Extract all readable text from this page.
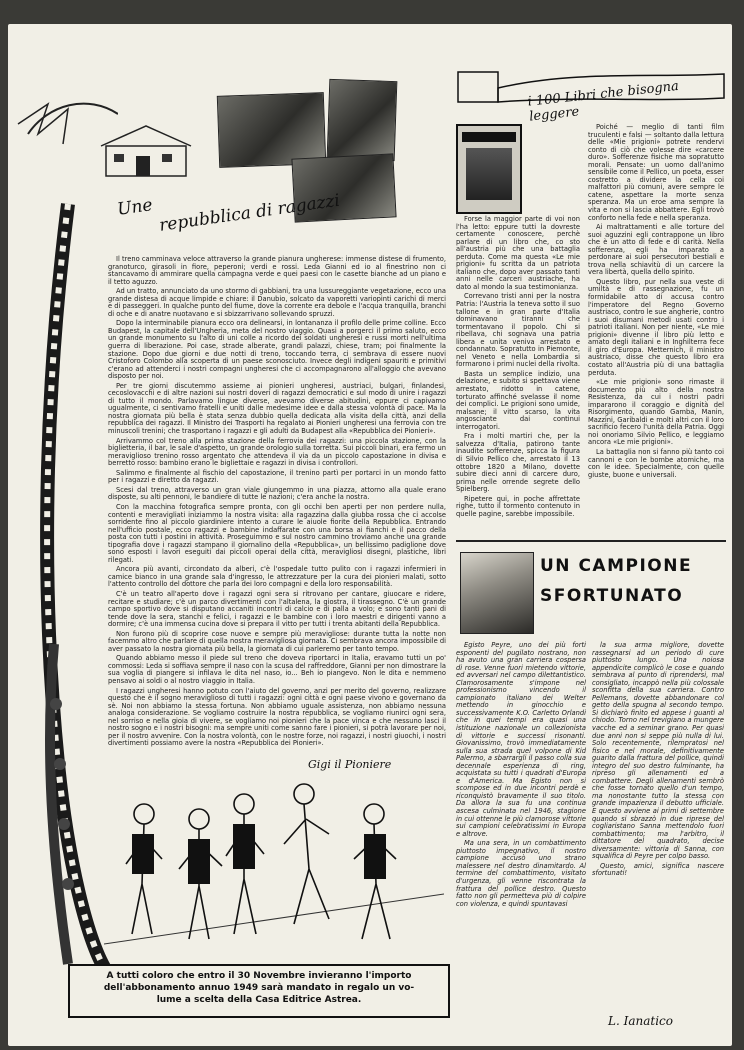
Une repubblica di ragazzi

Il treno camminava veloce attraverso la grande pianura ungherese: immense distese di frumento, granoturco, girasoli in fiore, peperoni; verdi e rossi. Leda Gianni ed io al finestrino non ci stancavamo di ammirare quella campagna verde e quei paesi con le casette bianche ad un piano e il tetto aguzzo.

Ad un tratto, annunciato da uno stormo di gabbiani, tra una lussureggiante vegetazione, ecco una grande distesa di acque limpide e chiare: il Danubio, solcato da vaporetti variopinti carichi di merci e di passeggeri. In qualche punto del fiume, dove la corrente era debole e l'acqua tranquilla, branchi di oche e di anatre nuotavano e si sbizzarrivano sollevando spruzzi.

Dopo la interminabile pianura ecco ora delinearsi, in lontananza il profilo delle prime colline. Ecco Budapest, la capitale dell'Ungheria, meta del nostro viaggio. Quasi a porgerci il primo saluto, ecco un grande monumento su l'alto di uni colle a ricordo dei soldati ungheresi e russi morti nell'ultima guerra di liberazione. Poi case, strade alberate, grandi palazzi, chiese, tram; poi finalmente la stazione. Dopo due giorni e due notti di treno, toccando terra, ci sembrava di essere nuovi Cristoforo Colombo alla scoperta di un paese sconosciuto. Invece degli indigeni spauriti e primitivi c'erano ad attenderci i nostri compagni ungheresi che ci accompagnarono all'alloggio che avevano disposto per noi.

Per tre giorni discutemmo assieme ai pionieri ungheresi, austriaci, bulgari, finlandesi, cecoslovacchi e di altre nazioni sui nostri doveri di ragazzi democratici e sul modo di unire i ragazzi di tutto il mondo. Parlavamo lingue diverse, avevamo diverse abitudini, eppure ci capivamo ugualmente, ci sentivamo fratelli e uniti dalle medesime idee e dalla stessa volontà di pace. Ma la nostra giornata più bella è stata senza dubbio quella dedicata alla visita della città, anzi della repubblica dei ragazzi. Il Ministro dei Trasporti ha regalato ai Pionieri ungheresi una ferrovia con tre minuscoli trenini; che trasportano i ragazzi e gli adulti da Budapest alla «Repubblica dei Pionieri».

Arrivammo col treno alla prima stazione della ferrovia dei ragazzi: una piccola stazione, con la biglietteria, il bar, le sale d'aspetto, un grande orologio sulla torretta. Sui piccoli binari, era fermo un meraviglioso trenino rosso argentato che attendeva il via da un piccolo capostazione in divisa e berretto rosso: bambino erano le bigliettaie e ragazzi in divisa i controllori.

Salimmo e finalmente al fischio del capostazione, il trenino partì per portarci in un mondo fatto per i ragazzi e diretto da ragazzi.

Scesi dal treno, attraverso un gran viale giungemmo in una piazza, attorno alla quale erano disposte, su alti pennoni, le bandiere di tutte le nazioni; c'era anche la nostra.

Con la macchina fotografica sempre pronta, con gli occhi ben aperti per non perdere nulla, contenti e meravigliati iniziammo la nostra visita: alla ragazzina dalla giubba rossa che ci accolse sorridente fino al piccolo giardiniere intento a curare le aiuole fiorite della Repubblica. Entrando nell'ufficio postale, ecco ragazzi e bambine indaffarate con una borsa ai fianchi e il pacco della posta con tutti i postini in attività. Proseguimmo e sul nostro cammino troviamo anche una grande tipografia dove i ragazzi stampano il giornalino della «Repubblica», un bellissimo padiglione dove sono esposti i lavori eseguiti dai piccoli operai della città, meravigliosi disegni, plastiche, libri rilegati.

Ancora più avanti, circondato da alberi, c'è l'ospedale tutto pulito con i ragazzi infermieri in camice bianco in una grande sala d'ingresso, le attrezzature per la cura dei pionieri malati, sotto l'attento controllo del dottore che parla dei loro compagni e della loro responsabilità.

C'è un teatro all'aperto dove i ragazzi ogni sera si ritrovano per cantare, giuocare e ridere, recitare e studiare; c'è un parco divertimenti con l'altalena, la giostra, il tirassegno. C'è un grande campo sportivo dove si disputano accaniti incontri di calcio e di palla a volo; e sono tanti pani di tende dove la sera, stanchi e felici, i ragazzi e le bambine con i loro maestri e dirigenti vanno a dormire; c'è una immensa cucina dove si prepara il vitto per tutti i trenta abitanti della Repubblica.

Non furono più di scoprire cose nuove e sempre più meravigliose: durante tutta la notte non facemmo altro che parlare di quella nostra meravigliosa giornata. Ci sembrava ancora impossibile di aver passato la nostra giornata più bella, la giornata di cui parleremo per tanto tempo.

Quando abbiamo messo il piede sul treno che doveva riportarci in Italia, eravamo tutti un po' commossi: Leda si soffiava sempre il naso con la scusa del raffreddore, Gianni per non dimostrare la sua voglia di piangere si infilava le dita nel naso, io... Beh io piangevo. Non le dita e nemmeno pensavo ai soldi o al nostro viaggio in Italia.

I ragazzi ungheresi hanno potuto con l'aiuto del governo, anzi per merito del governo, realizzare questo che è il sogno meraviglioso di tutti i ragazzi: ogni città e ogni paese vivono e governano da sè. Noi non abbiamo la stessa fortuna. Non abbiamo uguale assistenza, non abbiamo nessuna analoga considerazione. Se vogliamo costruire la nostra repubblica, se vogliamo riunirci ogni sera, nel sorriso e nella gioia di vivere, se vogliamo noi pionieri che la pace vinca e che nessuno lasci il nostro sogno e i nostri bisogni: ma sempre uniti come sanno fare i pionieri, si potrà lavorare per noi, per il nostro avvenire. Con la nostra volontà, con le nostre forze, noi ragazzi, i nostri giuochi, i nostri divertimenti possiamo avere la nostra «Repubblica dei Pionieri».

Gigi il Pioniere

A tutti coloro che entro il 30 Novembre invieranno l'importo
dell'abbonamento annuo 1949 sarà mandato in regalo un vo-
lume a scelta della Casa Editrice Astrea.

i 100 Libri che bisogna leggere

Forse la maggior parte di voi non l'ha letto: eppure tutti la dovreste certamente conoscere, perchè parlare di un libro che, co sto all'austria più che una battaglia perduta. Come ma questa «Le mie prigioni» fu scritta da un patriota italiano che, dopo aver passato tanti anni nelle carceri austriache, ha dato al mondo la sua testimonianza.

Correvano tristi anni per la nostra Patria: l'Austria la teneva sotto il suo tallone e in gran parte d'Italia dominavano tiranni che tormentavano il popolo. Chi si ribellava, chi sognava una patria libera e unita veniva arrestato e condannato. Sopratutto in Piemonte, nel Veneto e nella Lombardia si formarono i primi nuclei della rivolta.

Basta un semplice indizio, una delazione, e subito si spettava viene arrestato, ridotto in catene, torturato affinché svelasse il nome dei complici. Le prigioni sono umide, malsane; il vitto scarso, la vita angosciante dai continui interrogatori.

Fra i molti martiri che, per la salvezza d'Italia, patirono tante inaudite sofferenze, spicca la figura di Silvio Pellico che, arrestato il 13 ottobre 1820 a Milano, dovette subire dieci anni di carcere duro, prima nelle orrende segrete dello Spielberg.

Ripetere qui, in poche affrettate righe, tutto il tormento contenuto in quelle pagine, sarebbe impossibile.

Poiché — meglio di tanti film truculenti e falsi — soltanto dalla lettura delle «Mie prigioni» potrete rendervi conto di ciò che volesse dire «carcere duro». Sofferenze fisiche ma sopratutto morali. Pensate: un uomo dall'animo sensibile come il Pellico, un poeta, esser costretto a dividere la cella coi malfattori più comuni, avere sempre le catene, aspettare la morte senza speranza. Ma un eroe ama sempre la vita e non si lascia abbattere. Egli trovò conforto nella fede e nella speranza.

Ai maltrattamenti e alle torture del suoi aguzzini egli contrappone un libro che è un atto di fede e di carità. Nella sofferenza, egli ha imparato a perdonare ai suoi persecutori bestiali e trova nella schiavitù di un carcere la vera libertà, quella dello spirito.

Questo libro, pur nella sua veste di umiltà e di rassegnazione, fu un formidabile atto di accusa contro l'imperatore del Regno Governo austriaco, contro le sue angherie, contro i suoi disumani metodi usati contro i patrioti italiani. Non per niente, «Le mie prigioni» divenne il libro più letto e amato degli italiani e in Inghilterra fece il giro d'Europa. Metternich, il ministro austriaco, disse che questo libro era costato all'Austria più di una battaglia perduta.

«Le mie prigioni» sono rimaste il documento più alto della nostra Resistenza, da cui i nostri padri impararono il coraggio e dignità del Risorgimento, quando Gamba, Manin, Mazzini, Garibaldi e molti altri con il loro sacrificio fecero l'unità della Patria. Oggi noi onoriamo Silvio Pellico, e leggiamo ancora «Le mie prigioni».

La battaglia non si fanno più tanto coi cannoni e con le bombe atomiche, ma con le idee. Specialmente, con quelle giuste, buone e universali.

UN CAMPIONE
SFORTUNATO

Egisto Peyre, uno dei più forti esponenti del pugilato nostrano, non ha avuto una gran carriera cospersa di rose. Venne fuori mietendo vittorie, ed avversari nel campo dilettantistico. Clamorosamente s'impone nel professionismo vincendo il campionato italiano dei Welter mettendo in ginocchio e successivamente K.O. Carletto Orlandi che in quei tempi era quasi una istituzione nazionale un collezionista di vittorie e successi risonanti. Giovanissimo, trovò immediatamente sulla sua strada quel volpone di Kid Palermo, a sbarrargli il passo colla sua decennale esperienza di ring, acquistata su tutti i quadrati d'Europa e d'America. Ma Egisto non si scompose ed in due incontri perdè e riconquistò bravamente il suo titolo. Da allora la sua fu una continua ascesa culminata nel 1946, stagione in cui ottenne le più clamorose vittorie sui campioni celebratissimi in Europa e altrove.

Ma una sera, in un combattimento piuttosto impegnativo, il nostro campione accusò uno strano malessere nel destro dinamitardo. Al termine del combattimento, visitato d'urgenza, gli venne riscontrata la frattura del pollice destro. Questo fatto non gli permetteva più di colpire con violenza, e quindi spuntavasi

la sua arma migliore, dovette rassegnarsi ad un periodo di cure piuttosto lungo. Una noiosa appendicite complicò le cose e quando sembrava al punto di riprendersi, mal consigliato, incappò nella più colossale sconfitta della sua carriera. Contro Pellemans, dovette abbandonare col getto della spugna al secondo tempo. Si dichiarò finito ed appese i guanti al chiodo. Torno nel trevigiano a mungere vacche ed a seminar grano. Per quasi due anni non si seppe più nulla di lui. Solo recentemente, rilempratosi nel fisico e nel morale, definitivamente guarito dalla frattura del pollice, quindi integro del suo destro fulminante, ha ripreso gli allenamenti ed a combattere. Degli allenamenti sembrò che fosse tornato quello d'un tempo, ma nonostante tutto la stessa con grande impazienza il debutto ufficiale. E questo avviene ai primi di settembre quando si sbrazzò in due riprese del cogliaristano Sanna mettendolo fuori combattimento; ma l'arbitro, il dittatore del quadrato, decise diversamente: vittoria di Sanna, con squalifica di Peyre per colpo basso.

Questo, amici, significa nascere sfortunati!

L. Ianatico
